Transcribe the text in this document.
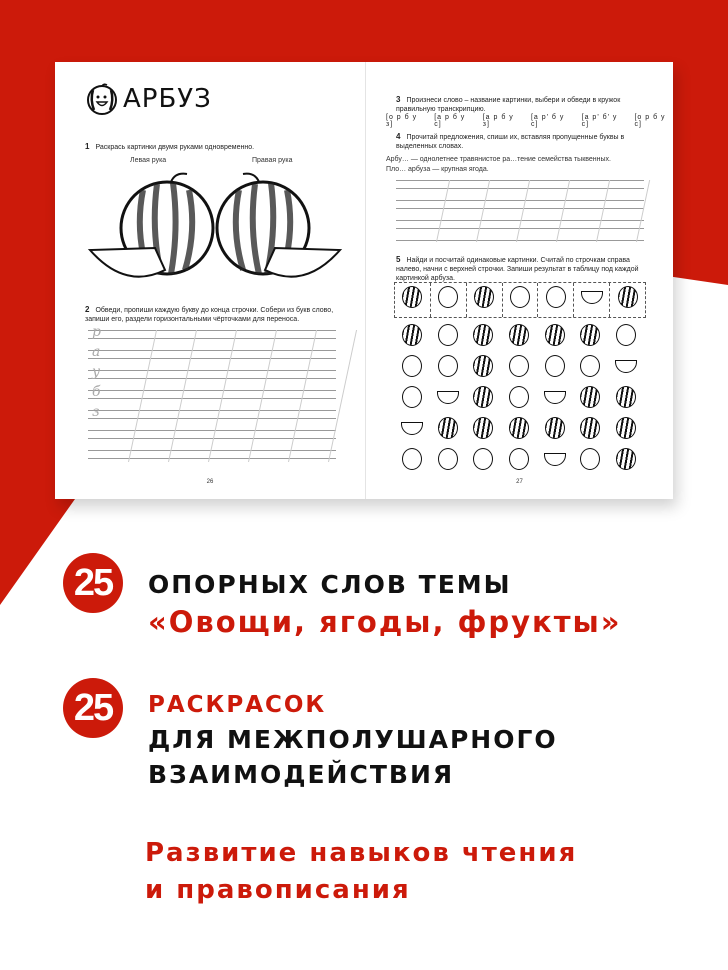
АРБУЗ
1 Раскрась картинки двумя руками одновременно.
Левая рука	Правая рука
2 Обведи, пропиши каждую букву до конца строчки. Собери из букв слово, запиши его, раздели горизонтальными чёрточками для переноса.
р
а
у
б
з
26
3 Произнеси слово – название картинки, выбери и обведи в кружок правильную транскрипцию.
[о р б у з]
[а р б у с]
[а р б у з]
[а р' б у с]
[а р' б' у с]
[о р б у с]
4 Прочитай предложения, спиши их, вставляя пропущенные буквы в выделенных словах.
Арбу… — однолетнее травянистое ра…тение семейства тыквенных.
Пло… арбуза — крупная ягода.
5 Найди и посчитай одинаковые картинки. Считай по строчкам справа налево, начни с верхней строчки. Запиши результат в таблицу под каждой картинкой арбуза.
27
25	ОПОРНЫХ СЛОВ ТЕМЫ
«Овощи, ягоды, фрукты»
25	РАСКРАСОК
ДЛЯ МЕЖПОЛУШАРНОГО
ВЗАИМОДЕЙСТВИЯ
Развитие навыков чтения
и правописания
